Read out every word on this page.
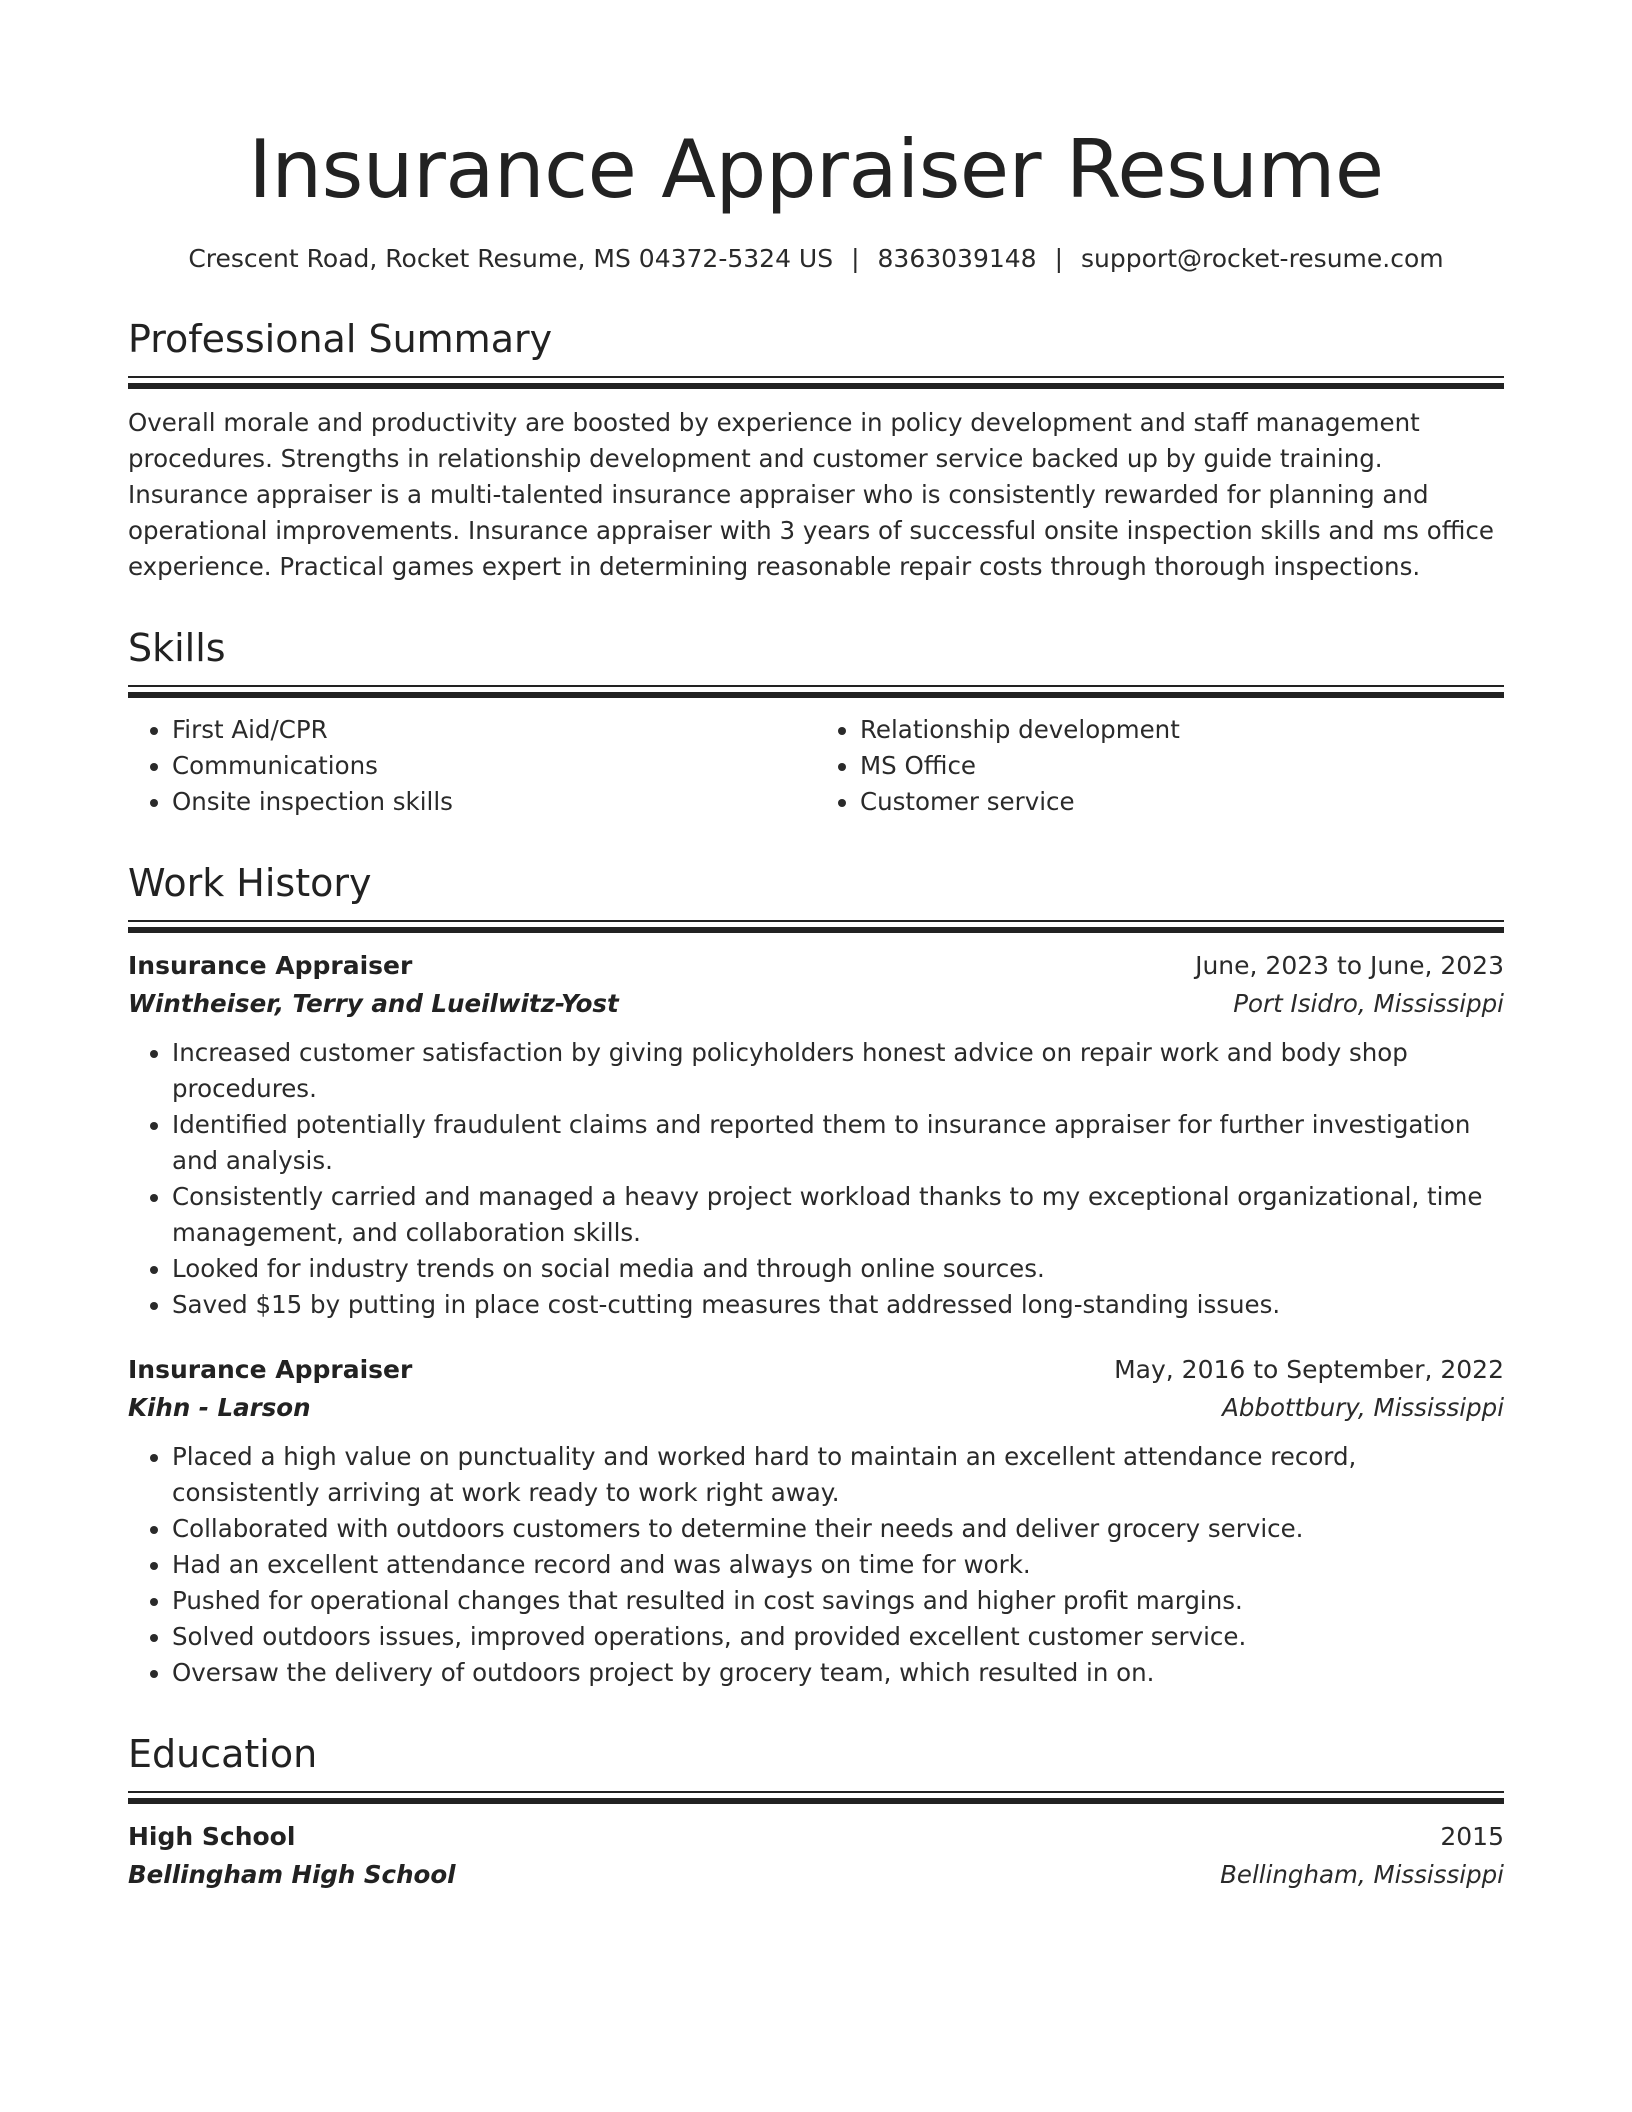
Insurance Appraiser Resume
Crescent Road, Rocket Resume, MS 04372-5324 US | 8363039148 | support@rocket-resume.com
Professional Summary

Overall morale and productivity are boosted by experience in policy development and staff management procedures. Strengths in relationship development and customer service backed up by guide training. Insurance appraiser is a multi-talented insurance appraiser who is consistently rewarded for planning and operational improvements. Insurance appraiser with 3 years of successful onsite inspection skills and ms office experience. Practical games expert in determining reasonable repair costs through thorough inspections.

Skills
• First Aid/CPR
• Communications
• Onsite inspection skills
• Relationship development
• MS Office
• Customer service
Work History
Insurance Appraiser	June, 2023 to June, 2023
Wintheiser, Terry and Lueilwitz-Yost	Port Isidro, Mississippi
• Increased customer satisfaction by giving policyholders honest advice on repair work and body shop procedures.
• Identified potentially fraudulent claims and reported them to insurance appraiser for further investigation and analysis.
• Consistently carried and managed a heavy project workload thanks to my exceptional organizational, time management, and collaboration skills.
• Looked for industry trends on social media and through online sources.
• Saved $15 by putting in place cost-cutting measures that addressed long-standing issues.
Insurance Appraiser	May, 2016 to September, 2022
Kihn - Larson	Abbottbury, Mississippi
• Placed a high value on punctuality and worked hard to maintain an excellent attendance record, consistently arriving at work ready to work right away.
• Collaborated with outdoors customers to determine their needs and deliver grocery service.
• Had an excellent attendance record and was always on time for work.
• Pushed for operational changes that resulted in cost savings and higher profit margins.
• Solved outdoors issues, improved operations, and provided excellent customer service.
• Oversaw the delivery of outdoors project by grocery team, which resulted in on.
Education
High School	2015
Bellingham High School	Bellingham, Mississippi
